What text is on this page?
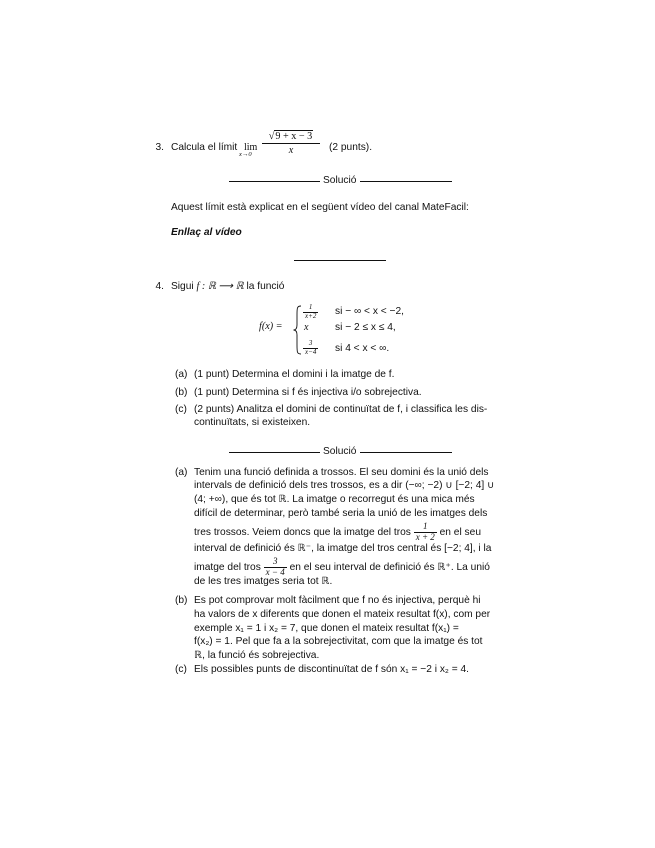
3. Calcula el límit lim
x→0
√9 + x − 3
x	(2 punts).
Solució
Aquest límit està explicat en el següent vídeo del canal MateFacil:
Enllaç al vídeo
4. Sigui f : ℝ ⟶ ℝ la funció
f(x) =
$\frac{1}{x+2}$ si − ∞ < x < −2,
x	si − 2 ≤ x ≤ 4,
$\frac{3}{x-4}$ si 4 < x < ∞.
(a) (1 punt) Determina el domini i la imatge de f.
(b) (1 punt) Determina si f és injectiva i/o sobrejectiva.
(c) (2 punts) Analitza el domini de continuïtat de f, i classifica les dis-
continuïtats, si existeixen.
Solució
(a) Tenim una funció definida a trossos. El seu domini és la unió dels
intervals de definició dels tres trossos, es a dir (−∞; −2) ∪ [−2; 4] ∪
(4; +∞), que és tot ℝ. La imatge o recorregut és una mica més
difícil de determinar, però també seria la unió de les imatges dels
tres trossos. Veiem doncs que la imatge del tros $\frac{1}{x + 2}$ en el seu
interval de definició és ℝ⁻, la imatge del tros central és [−2; 4], i la
imatge del tros $\frac{3}{x - 4}$ en el seu interval de definició és ℝ⁺. La unió
de les tres imatges seria tot ℝ.
(b) Es pot comprovar molt fàcilment que f no és injectiva, perquè hi
ha valors de x diferents que donen el mateix resultat f(x), com per
exemple x₁ = 1 i x₂ = 7, que donen el mateix resultat f(x₁) =
f(x₂) = 1. Pel que fa a la sobrejectivitat, com que la imatge és tot
ℝ, la funció és sobrejectiva.
(c) Els possibles punts de discontinuïtat de f són x₁ = −2 i x₂ = 4.
